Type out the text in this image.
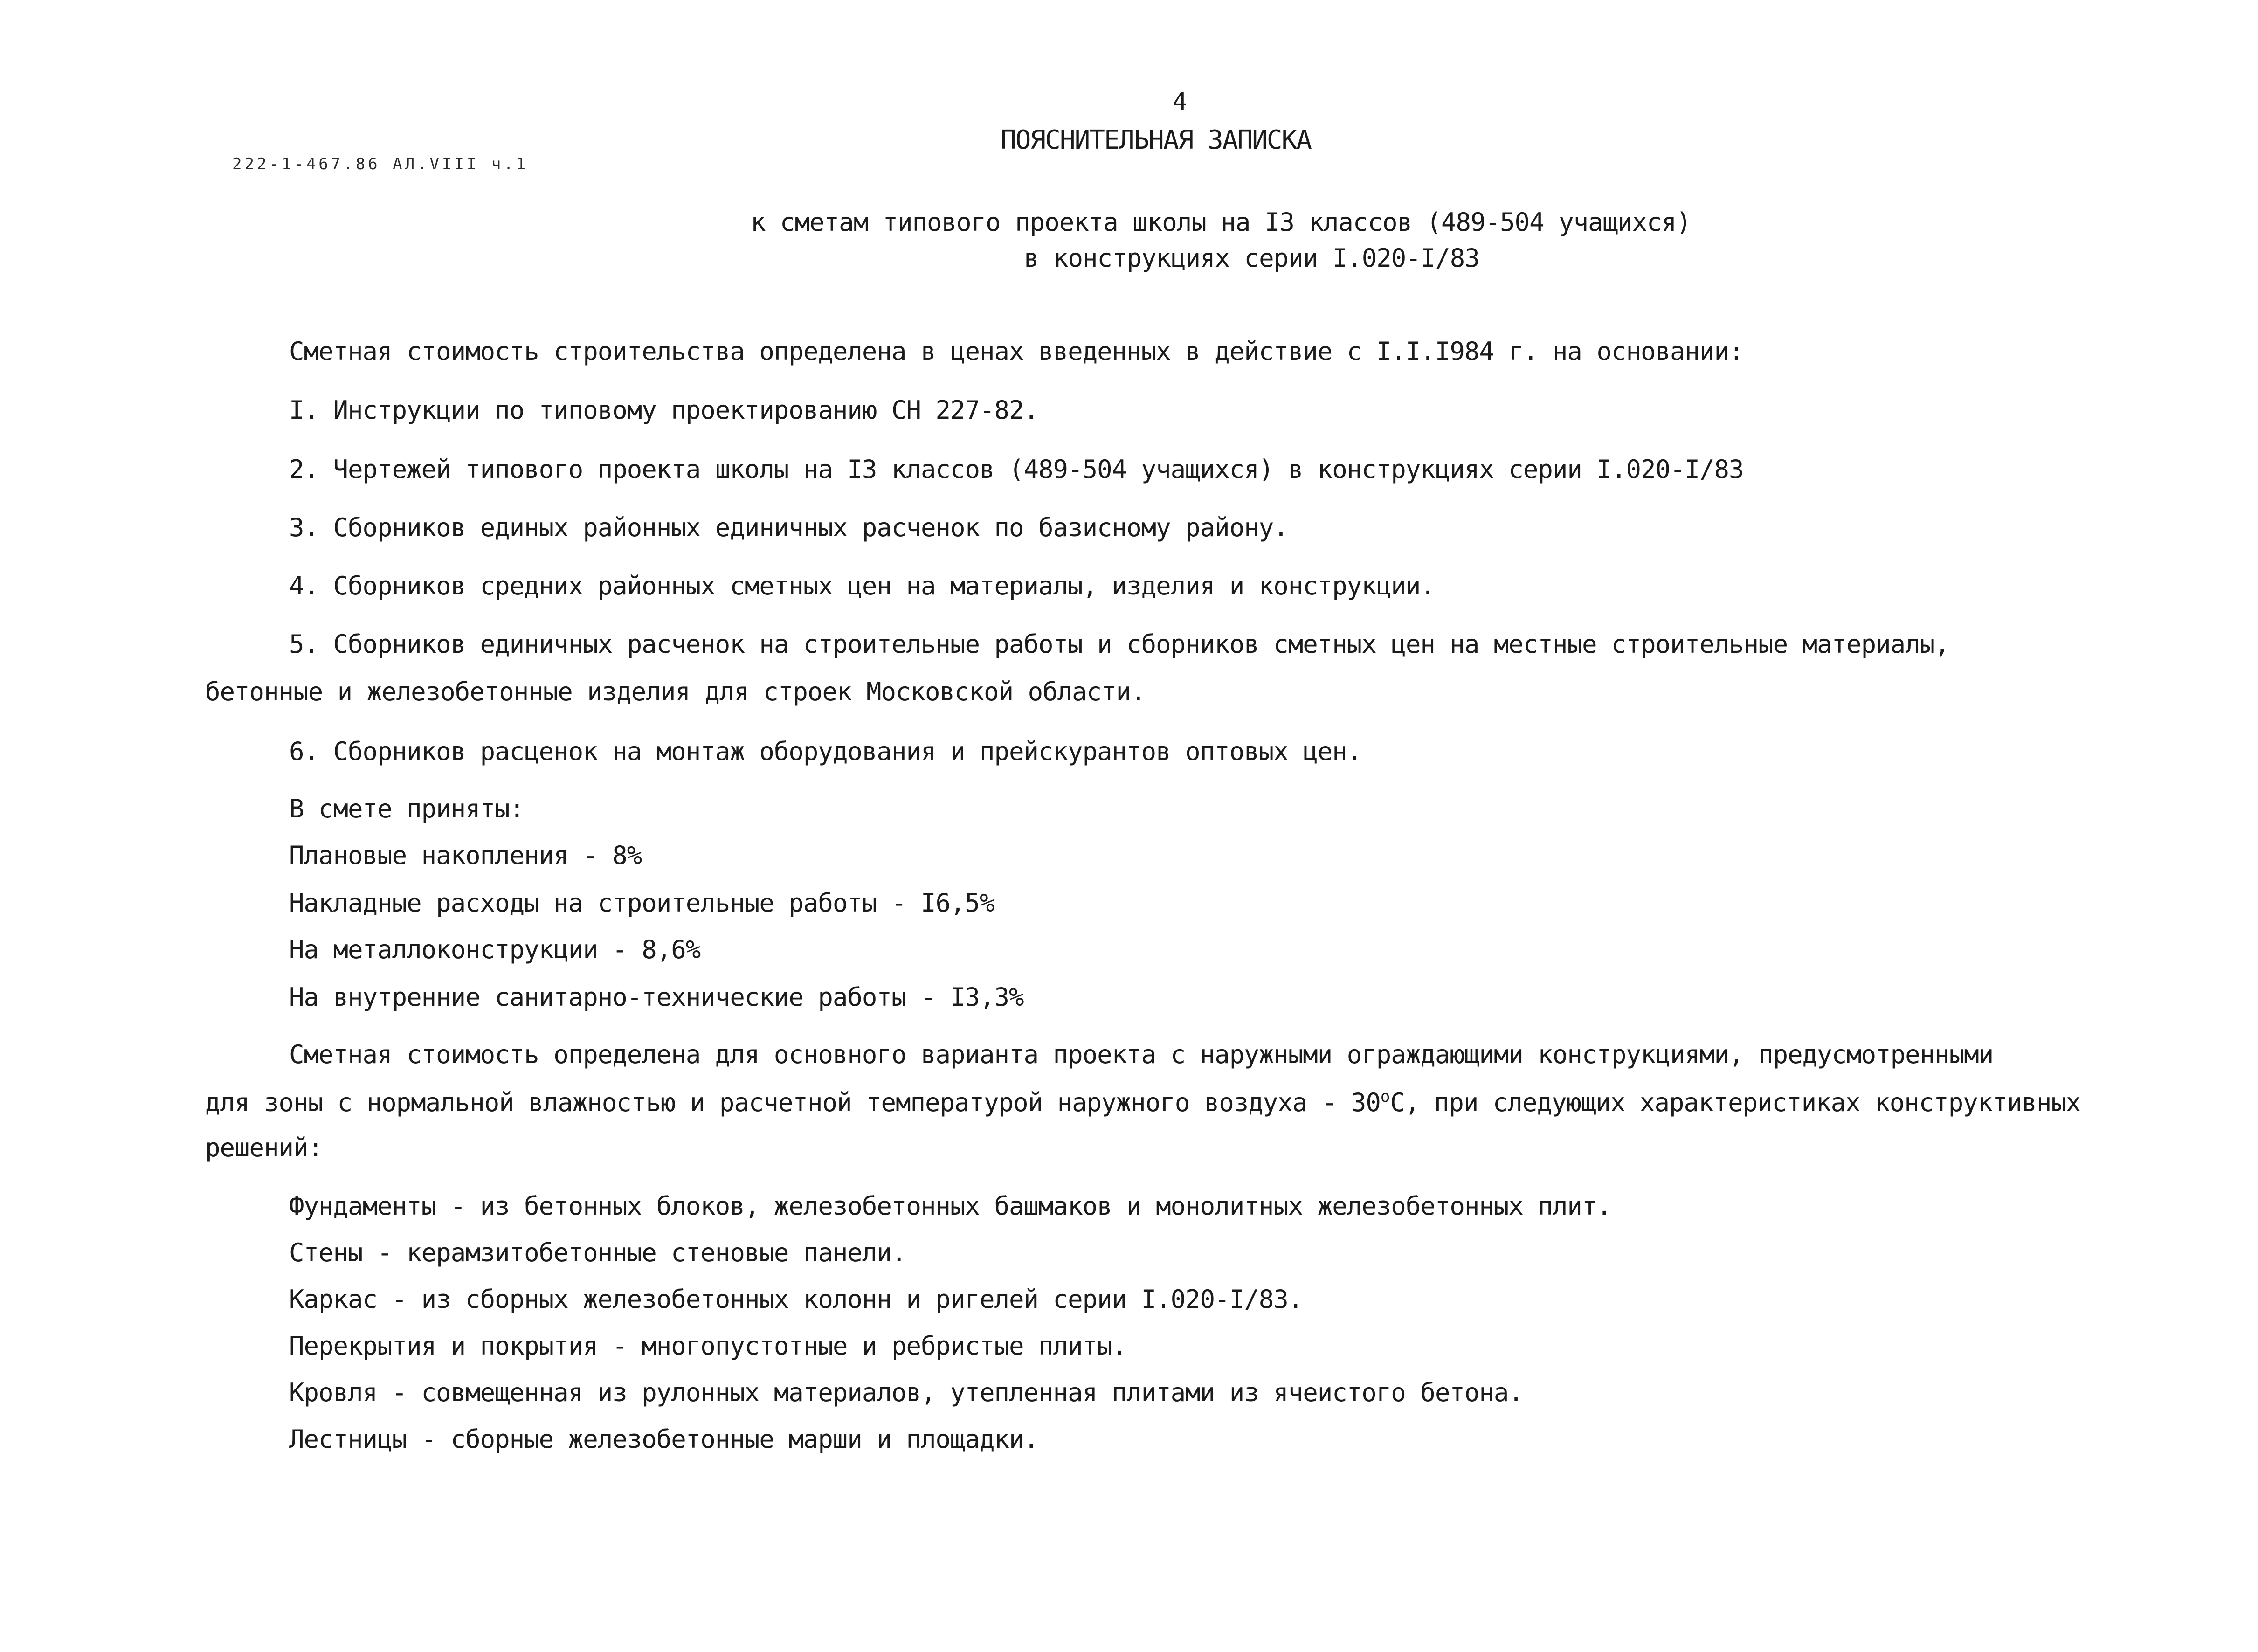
4
222-1-467.86 АЛ.VIII ч.1
ПОЯСНИТЕЛЬНАЯ ЗАПИСКА
к сметам типового проекта школы на I3 классов (489-504 учащихся)
в конструкциях серии I.020-I/83
Сметная стоимость строительства определена в ценах введенных в действие с I.I.I984 г. на основании:
I. Инструкции по типовому проектированию СН 227-82.
2. Чертежей типового проекта школы на I3 классов (489-504 учащихся) в конструкциях серии I.020-I/83
3. Сборников единых районных единичных расченок по базисному району.
4. Сборников средних районных сметных цен на материалы, изделия и конструкции.
5. Сборников единичных расченок на строительные работы и сборников сметных цен на местные строительные материалы,
бетонные и железобетонные изделия для строек Московской области.
6. Сборников расценок на монтаж оборудования и прейскурантов оптовых цен.
В смете приняты:
Плановые накопления - 8%
Накладные расходы на строительные работы - I6,5%
На металлоконструкции - 8,6%
На внутренние санитарно-технические работы - I3,3%
Сметная стоимость определена для основного варианта проекта с наружными ограждающими конструкциями, предусмотренными
для зоны с нормальной влажностью и расчетной температурой наружного воздуха - $30^оС$, при следующих характеристиках конструктивных
решений:
Фундаменты - из бетонных блоков, железобетонных башмаков и монолитных железобетонных плит.
Стены - керамзитобетонные стеновые панели.
Каркас - из сборных железобетонных колонн и ригелей серии I.020-I/83.
Перекрытия и покрытия - многопустотные и ребристые плиты.
Кровля - совмещенная из рулонных материалов, утепленная плитами из ячеистого бетона.
Лестницы - сборные железобетонные марши и площадки.
